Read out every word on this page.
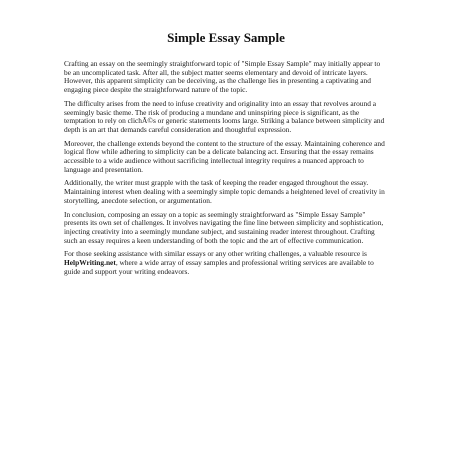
Simple Essay Sample

Crafting an essay on the seemingly straightforward topic of "Simple Essay Sample" may initially appear to be an uncomplicated task. After all, the subject matter seems elementary and devoid of intricate layers. However, this apparent simplicity can be deceiving, as the challenge lies in presenting a captivating and engaging piece despite the straightforward nature of the topic.

The difficulty arises from the need to infuse creativity and originality into an essay that revolves around a seemingly basic theme. The risk of producing a mundane and uninspiring piece is significant, as the temptation to rely on clichÃ©s or generic statements looms large. Striking a balance between simplicity and depth is an art that demands careful consideration and thoughtful expression.

Moreover, the challenge extends beyond the content to the structure of the essay. Maintaining coherence and logical flow while adhering to simplicity can be a delicate balancing act. Ensuring that the essay remains accessible to a wide audience without sacrificing intellectual integrity requires a nuanced approach to language and presentation.

Additionally, the writer must grapple with the task of keeping the reader engaged throughout the essay. Maintaining interest when dealing with a seemingly simple topic demands a heightened level of creativity in storytelling, anecdote selection, or argumentation.

In conclusion, composing an essay on a topic as seemingly straightforward as "Simple Essay Sample" presents its own set of challenges. It involves navigating the fine line between simplicity and sophistication, injecting creativity into a seemingly mundane subject, and sustaining reader interest throughout. Crafting such an essay requires a keen understanding of both the topic and the art of effective communication.

For those seeking assistance with similar essays or any other writing challenges, a valuable resource is HelpWriting.net, where a wide array of essay samples and professional writing services are available to guide and support your writing endeavors.
